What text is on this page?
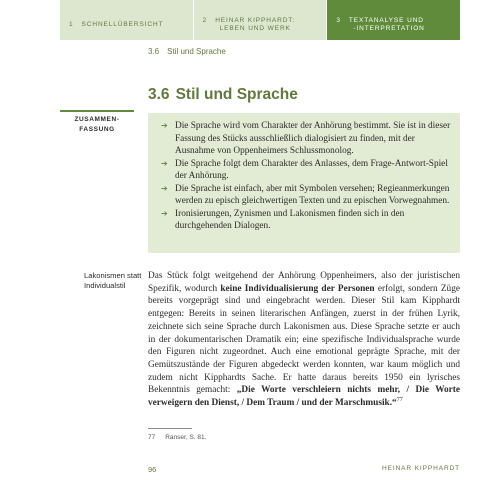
1 SCHNELLÜBERSICHT
2 HEINAR KIPPHARDT:
LEBEN UND WERK
3 TEXTANALYSE UND
-INTERPRETATION
3.6 Stil und Sprache
3.6 Stil und Sprache
ZUSAMMEN-
FASSUNG	➔ Die Sprache wird vom Charakter der Anhörung bestimmt. Sie ist in dieser Fassung des Stücks ausschließlich dialogisiert zu finden, mit der Ausnahme von Oppenheimers Schlussmonolog.
➔ Die Sprache folgt dem Charakter des Anlasses, dem Frage-Antwort-Spiel der Anhörung.
➔ Die Sprache ist einfach, aber mit Symbolen versehen; Regieanmerkungen werden zu episch gleichwertigen Texten und zu epischen Vorwegnahmen.
➔ Ironisierungen, Zynismen und Lakonismen finden sich in den durchgehenden Dialogen.
Lakonismen statt
Individualstil
Das Stück folgt weitgehend der Anhörung Oppenheimers, also der juristischen Spezifik, wodurch keine Individualisierung der Personen erfolgt, sondern Züge bereits vorgeprägt sind und eingebracht werden. Dieser Stil kam Kipphardt entgegen: Bereits in seinen literarischen Anfängen, zuerst in der frühen Lyrik, zeichnete sich seine Sprache durch Lakonismen aus. Diese Sprache setzte er auch in der dokumentarischen Dramatik ein; eine spezifische Individualsprache wurde den Figuren nicht zugeordnet. Auch eine emotional geprägte Sprache, mit der Gemütszustände der Figuren abgedeckt werden konnten, war kaum möglich und zudem nicht Kipphardts Sache. Er hatte daraus bereits 1950 ein lyrisches Bekenntnis gemacht: „Die Worte verschleiern nichts mehr, / Die Worte verweigern den Dienst, / Dem Traum / und der Marschmusik.“$^{77}$
77 Ranser, S. 81.
96	HEINAR KIPPHARDT
